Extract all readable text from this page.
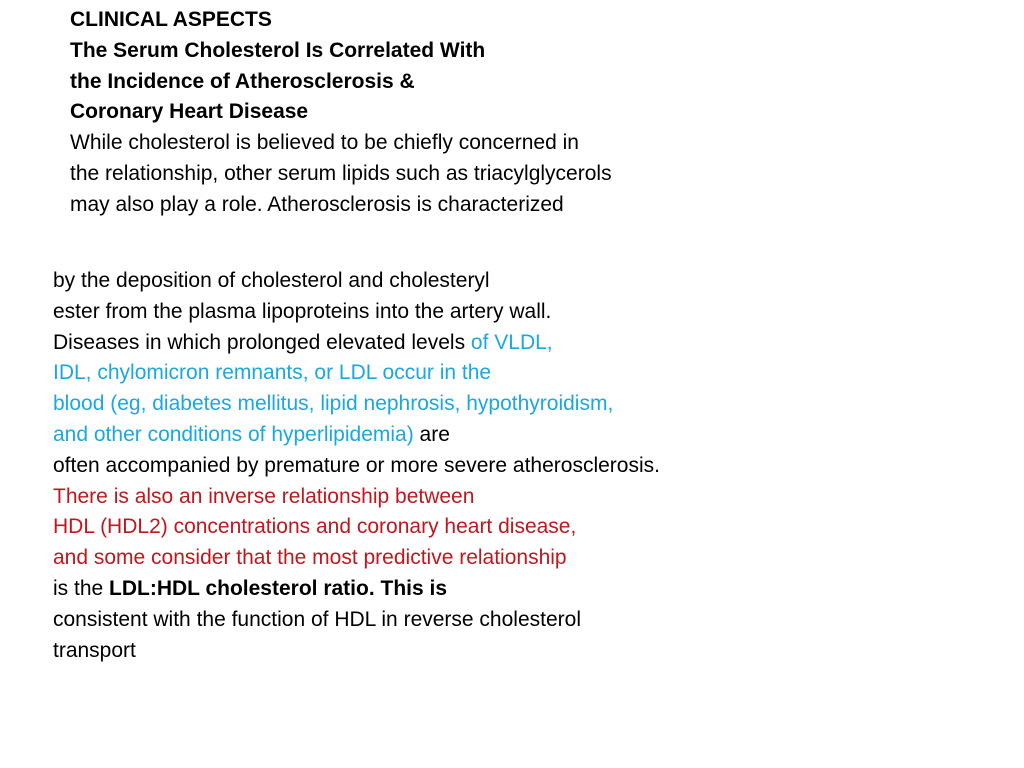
CLINICAL ASPECTS
The Serum Cholesterol Is Correlated With
the Incidence of Atherosclerosis &
Coronary Heart Disease
While cholesterol is believed to be chiefly concerned in
the relationship, other serum lipids such as triacylglycerols
may also play a role. Atherosclerosis is characterized
by the deposition of cholesterol and cholesteryl
ester from the plasma lipoproteins into the artery wall.
Diseases in which prolonged elevated levels of VLDL,
IDL, chylomicron remnants, or LDL occur in the
blood (eg, diabetes mellitus, lipid nephrosis, hypothyroidism,
and other conditions of hyperlipidemia) are
often accompanied by premature or more severe atherosclerosis.
There is also an inverse relationship between
HDL (HDL2) concentrations and coronary heart disease,
and some consider that the most predictive relationship
is the LDL:HDL cholesterol ratio. This is
consistent with the function of HDL in reverse cholesterol
transport
